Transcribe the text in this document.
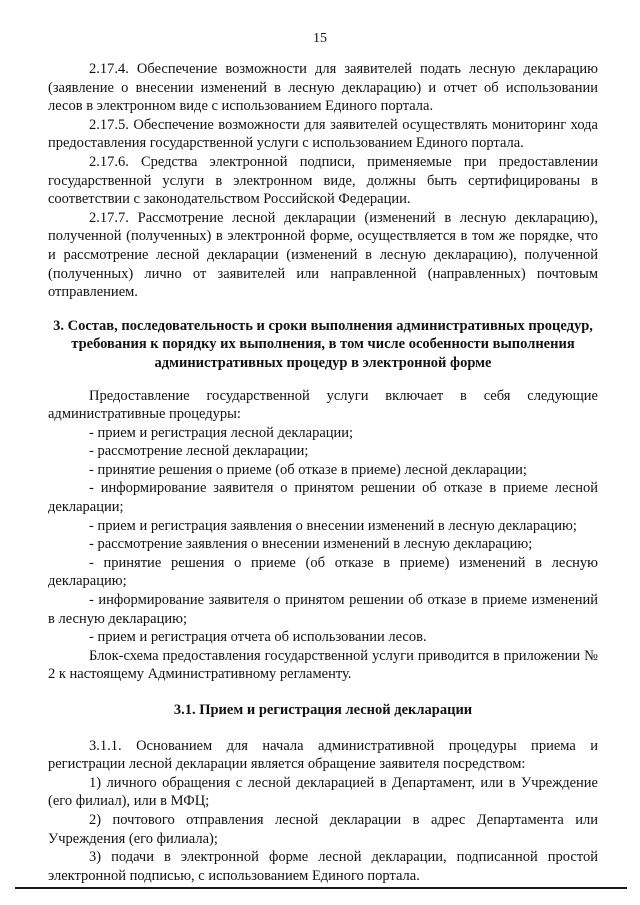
15

2.17.4. Обеспечение возможности для заявителей подать лесную декларацию (заявление о внесении изменений в лесную декларацию) и отчет об использовании лесов в электронном виде с использованием Единого портала.

2.17.5. Обеспечение возможности для заявителей осуществлять мониторинг хода предоставления государственной услуги с использованием Единого портала.

2.17.6. Средства электронной подписи, применяемые при предоставлении государственной услуги в электронном виде, должны быть сертифицированы в соответствии с законодательством Российской Федерации.

2.17.7. Рассмотрение лесной декларации (изменений в лесную декларацию), полученной (полученных) в электронной форме, осуществляется в том же порядке, что и рассмотрение лесной декларации (изменений в лесную декларацию), полученной (полученных) лично от заявителей или направленной (направленных) почтовым отправлением.

3. Состав, последовательность и сроки выполнения административных процедур, требования к порядку их выполнения, в том числе особенности выполнения административных процедур в электронной форме

Предоставление государственной услуги включает в себя следующие административные процедуры:

- прием и регистрация лесной декларации;

- рассмотрение лесной декларации;

- принятие решения о приеме (об отказе в приеме) лесной декларации;

- информирование заявителя о принятом решении об отказе в приеме лесной декларации;

- прием и регистрация заявления о внесении изменений в лесную декларацию;

- рассмотрение заявления о внесении изменений в лесную декларацию;

- принятие решения о приеме (об отказе в приеме) изменений в лесную декларацию;

- информирование заявителя о принятом решении об отказе в приеме изменений в лесную декларацию;

- прием и регистрация отчета об использовании лесов.

Блок-схема предоставления государственной услуги приводится в приложении № 2 к настоящему Административному регламенту.

3.1. Прием и регистрация лесной декларации

3.1.1. Основанием для начала административной процедуры приема и регистрации лесной декларации является обращение заявителя посредством:

1) личного обращения с лесной декларацией в Департамент, или в Учреждение (его филиал), или в МФЦ;

2) почтового отправления лесной декларации в адрес Департамента или Учреждения (его филиала);

3) подачи в электронной форме лесной декларации, подписанной простой электронной подписью, с использованием Единого портала.
